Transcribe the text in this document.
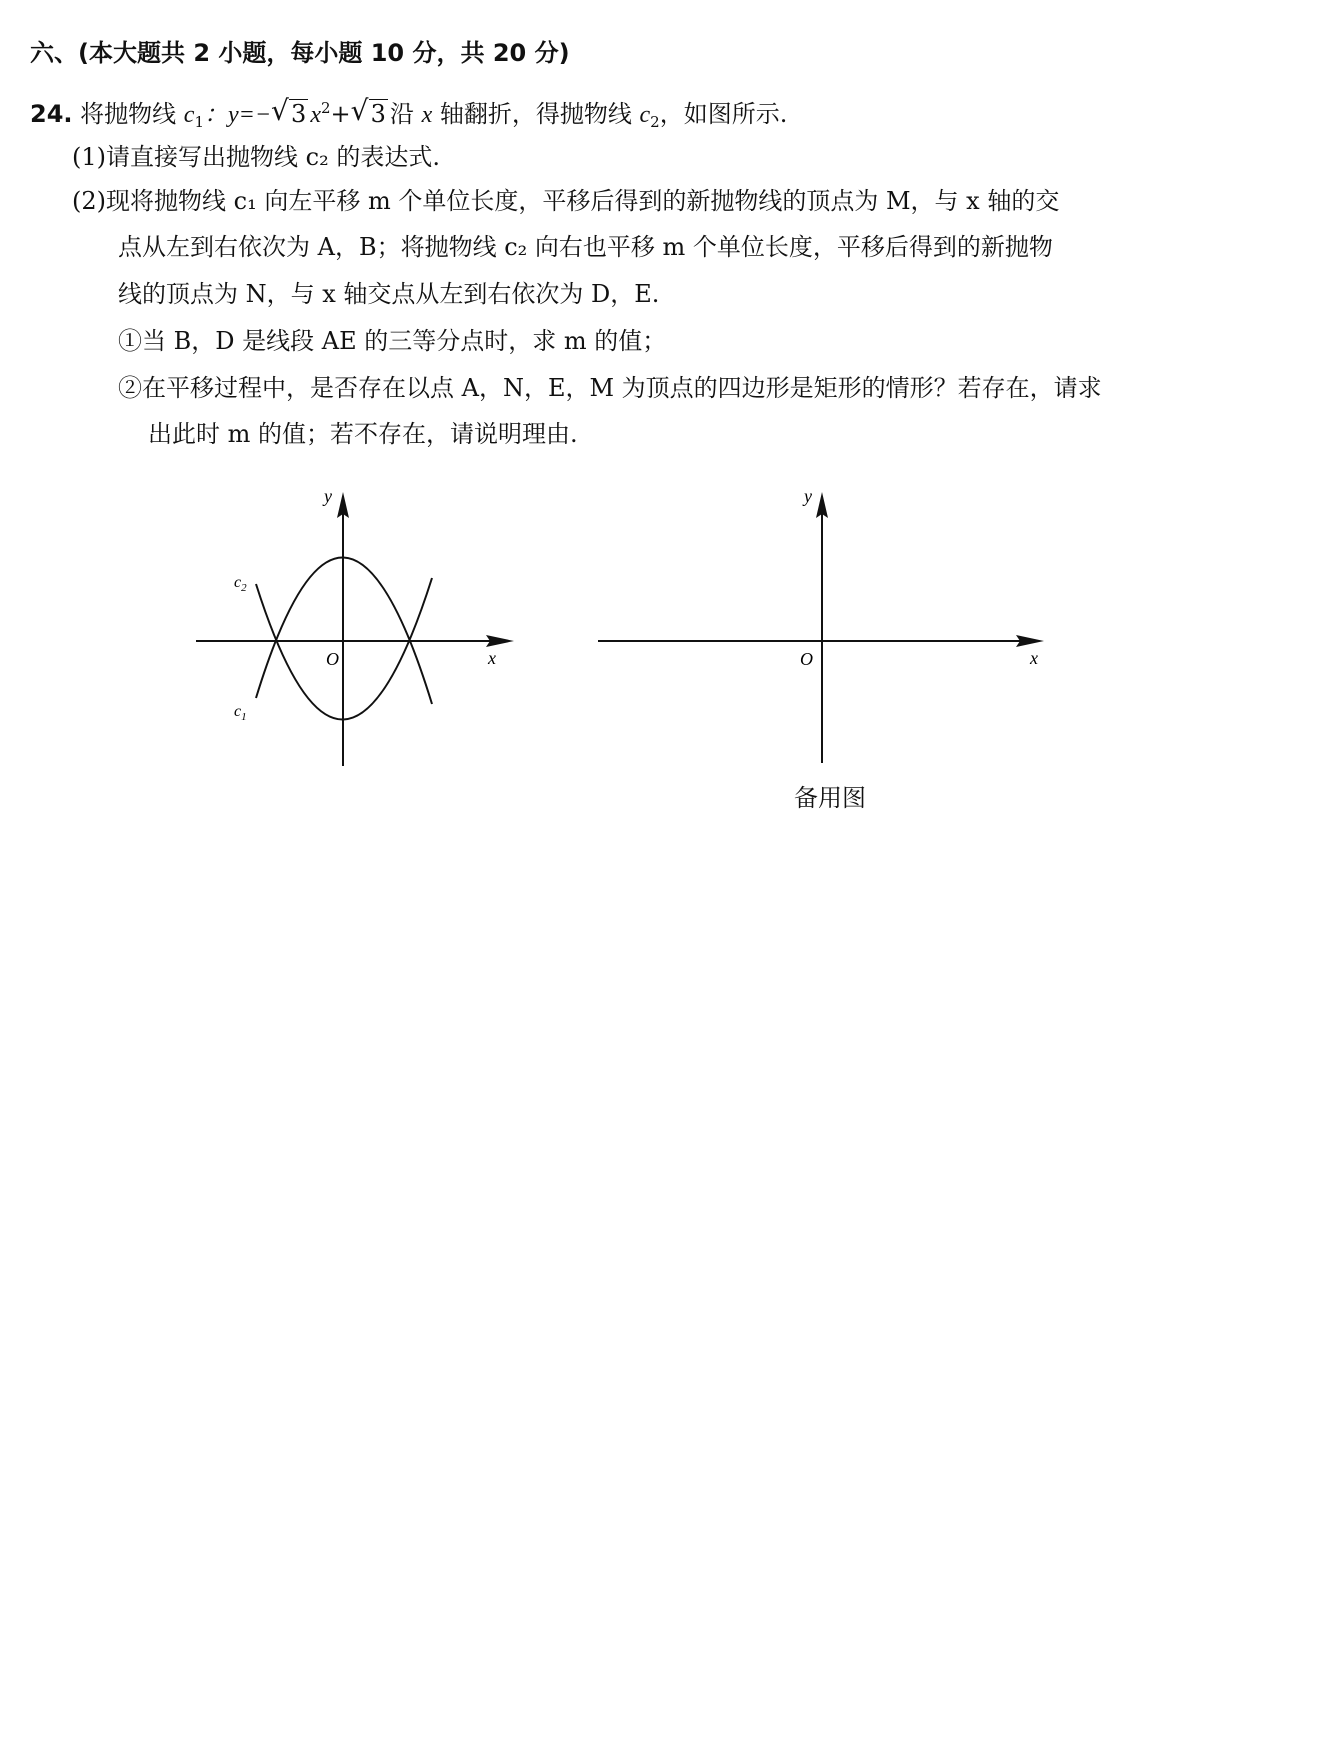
六、(本大题共 2 小题，每小题 10 分，共 20 分)
24. 将抛物线 $c_1$：y=− √ 3 $x^2+$ √ 3 沿 x 轴翻折，得抛物线 $c_2$，如图所示.
(1)请直接写出抛物线 c₂ 的表达式.
(2)现将抛物线 c₁ 向左平移 m 个单位长度，平移后得到的新抛物线的顶点为 M，与 x 轴的交
点从左到右依次为 A，B；将抛物线 c₂ 向右也平移 m 个单位长度，平移后得到的新抛物
线的顶点为 N，与 x 轴交点从左到右依次为 D，E.
①当 B，D 是线段 AE 的三等分点时，求 m 的值；
②在平移过程中，是否存在以点 A，N，E，M 为顶点的四边形是矩形的情形？若存在，请求
出此时 m 的值；若不存在，请说明理由.
y
x
O
$c_2$
$c_1$
y
x
O
备用图
